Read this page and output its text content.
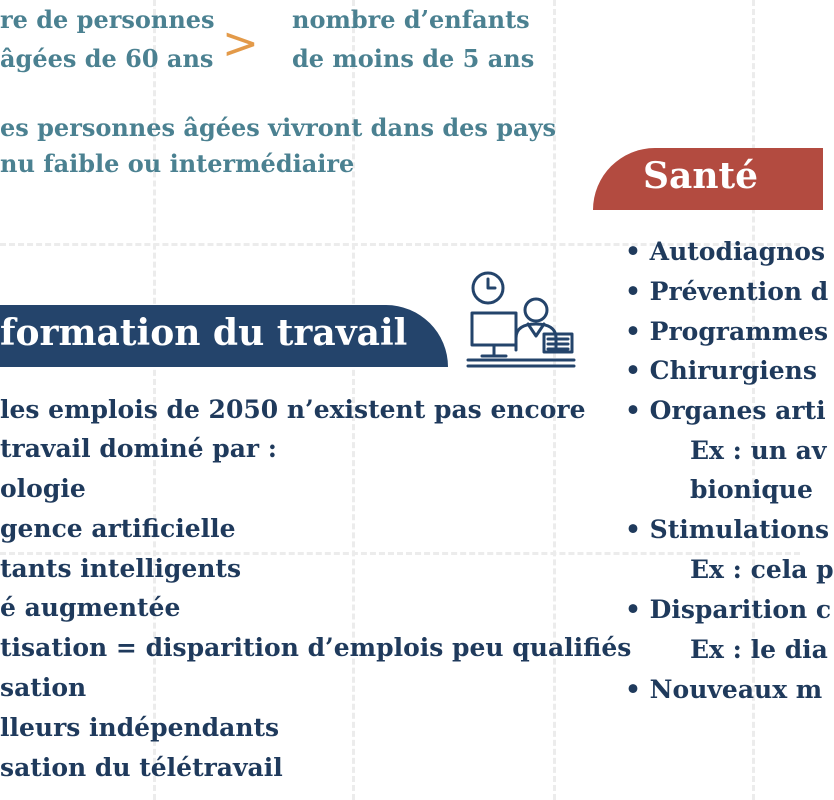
re de personnes
âgées de 60 ans > nombre d’enfants
de moins de 5 ans
es personnes âgées vivront dans des pays
nu faible ou intermédiaire	Santé
• Autodiagnos
• Prévention d
• Programmes
• Chirurgiens
• Organes arti
Ex : un av
bionique
• Stimulations
Ex : cela p
• Disparition c
Ex : le dia
• Nouveaux m
formation du travail
les emplois de 2050 n’existent pas encore
travail dominé par :
ologie
gence artificielle
tants intelligents
é augmentée
tisation = disparition d’emplois peu qualifiés
sation
lleurs indépendants
sation du télétravail
